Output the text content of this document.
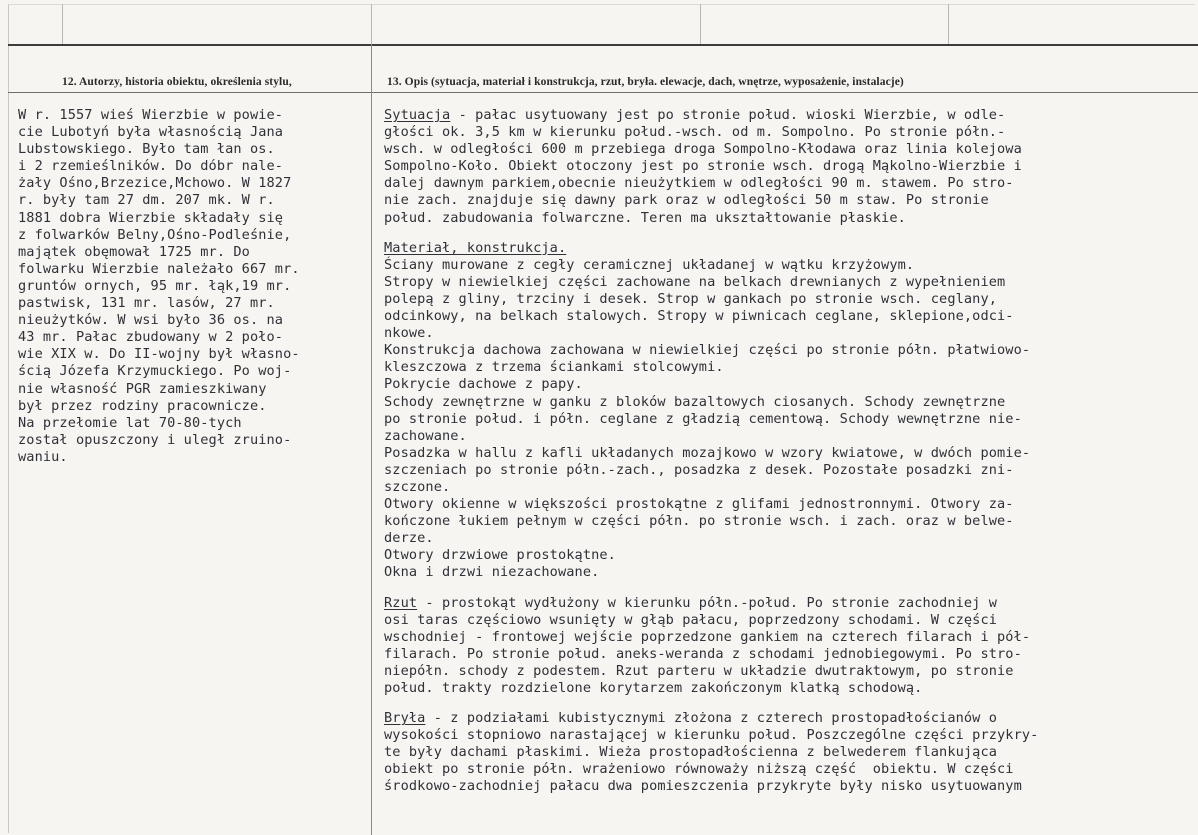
12. Autorzy, historia obiektu, określenia stylu,	13. Opis (sytuacja, materiał i konstrukcja, rzut, bryła. elewacje, dach, wnętrze, wyposażenie, instalacje)
W r. 1557 wieś Wierzbie w powie-
cie Lubotyń była własnością Jana
Lubstowskiego. Było tam łan os.
i 2 rzemieślników. Do dóbr nale-
żały Ośno,Brzezice,Mchowo. W 1827
r. były tam 27 dm. 207 mk. W r.
1881 dobra Wierzbie składały się
z folwarków Belny,Ośno-Podleśnie,
majątek obęmował 1725 mr. Do
folwarku Wierzbie należało 667 mr.
gruntów ornych, 95 mr. łąk,19 mr.
pastwisk, 131 mr. lasów, 27 mr.
nieużytków. W wsi było 36 os. na
43 mr. Pałac zbudowany w 2 poło-
wie XIX w. Do II-wojny był własno-
ścią Józefa Krzymuckiego. Po woj-
nie własność PGR zamieszkiwany
był przez rodziny pracownicze.
Na przełomie lat 70-80-tych
został opuszczony i uległ zruino-
waniu.
Sytuacja - pałac usytuowany jest po stronie połud. wioski Wierzbie, w odle-
głości ok. 3,5 km w kierunku połud.-wsch. od m. Sompolno. Po stronie półn.-
wsch. w odległości 600 m przebiega droga Sompolno-Kłodawa oraz linia kolejowa
Sompolno-Koło. Obiekt otoczony jest po stronie wsch. drogą Mąkolno-Wierzbie i
dalej dawnym parkiem,obecnie nieużytkiem w odległości 90 m. stawem. Po stro-
nie zach. znajduje się dawny park oraz w odległości 50 m staw. Po stronie
połud. zabudowania folwarczne. Teren ma ukształtowanie płaskie.
Materiał, konstrukcja.
Ściany murowane z cegły ceramicznej układanej w wątku krzyżowym.
Stropy w niewielkiej części zachowane na belkach drewnianych z wypełnieniem
polepą z gliny, trzciny i desek. Strop w gankach po stronie wsch. ceglany,
odcinkowy, na belkach stalowych. Stropy w piwnicach ceglane, sklepione,odci-
nkowe.
Konstrukcja dachowa zachowana w niewielkiej części po stronie półn. płatwiowo-
kleszczowa z trzema ściankami stolcowymi.
Pokrycie dachowe z papy.
Schody zewnętrzne w ganku z bloków bazaltowych ciosanych. Schody zewnętrzne
po stronie połud. i półn. ceglane z gładzią cementową. Schody wewnętrzne nie-
zachowane.
Posadzka w hallu z kafli układanych mozajkowo w wzory kwiatowe, w dwóch pomie-
szczeniach po stronie półn.-zach., posadzka z desek. Pozostałe posadzki zni-
szczone.
Otwory okienne w większości prostokątne z glifami jednostronnymi. Otwory za-
kończone łukiem pełnym w części półn. po stronie wsch. i zach. oraz w belwe-
derze.
Otwory drzwiowe prostokątne.
Okna i drzwi niezachowane.
Rzut - prostokąt wydłużony w kierunku półn.-połud. Po stronie zachodniej w
osi taras częściowo wsunięty w głąb pałacu, poprzedzony schodami. W części
wschodniej - frontowej wejście poprzedzone gankiem na czterech filarach i pół-
filarach. Po stronie połud. aneks-weranda z schodami jednobiegowymi. Po stro-
niepółn. schody z podestem. Rzut parteru w układzie dwutraktowym, po stronie
połud. trakty rozdzielone korytarzem zakończonym klatką schodową.
Bryła - z podziałami kubistycznymi złożona z czterech prostopadłościanów o
wysokości stopniowo narastającej w kierunku połud. Poszczególne części przykry-
te były dachami płaskimi. Wieża prostopadłościenna z belwederem flankująca
obiekt po stronie półn. wrażeniowo równoważy niższą część  obiektu. W części
środkowo-zachodniej pałacu dwa pomieszczenia przykryte były nisko usytuowanym
